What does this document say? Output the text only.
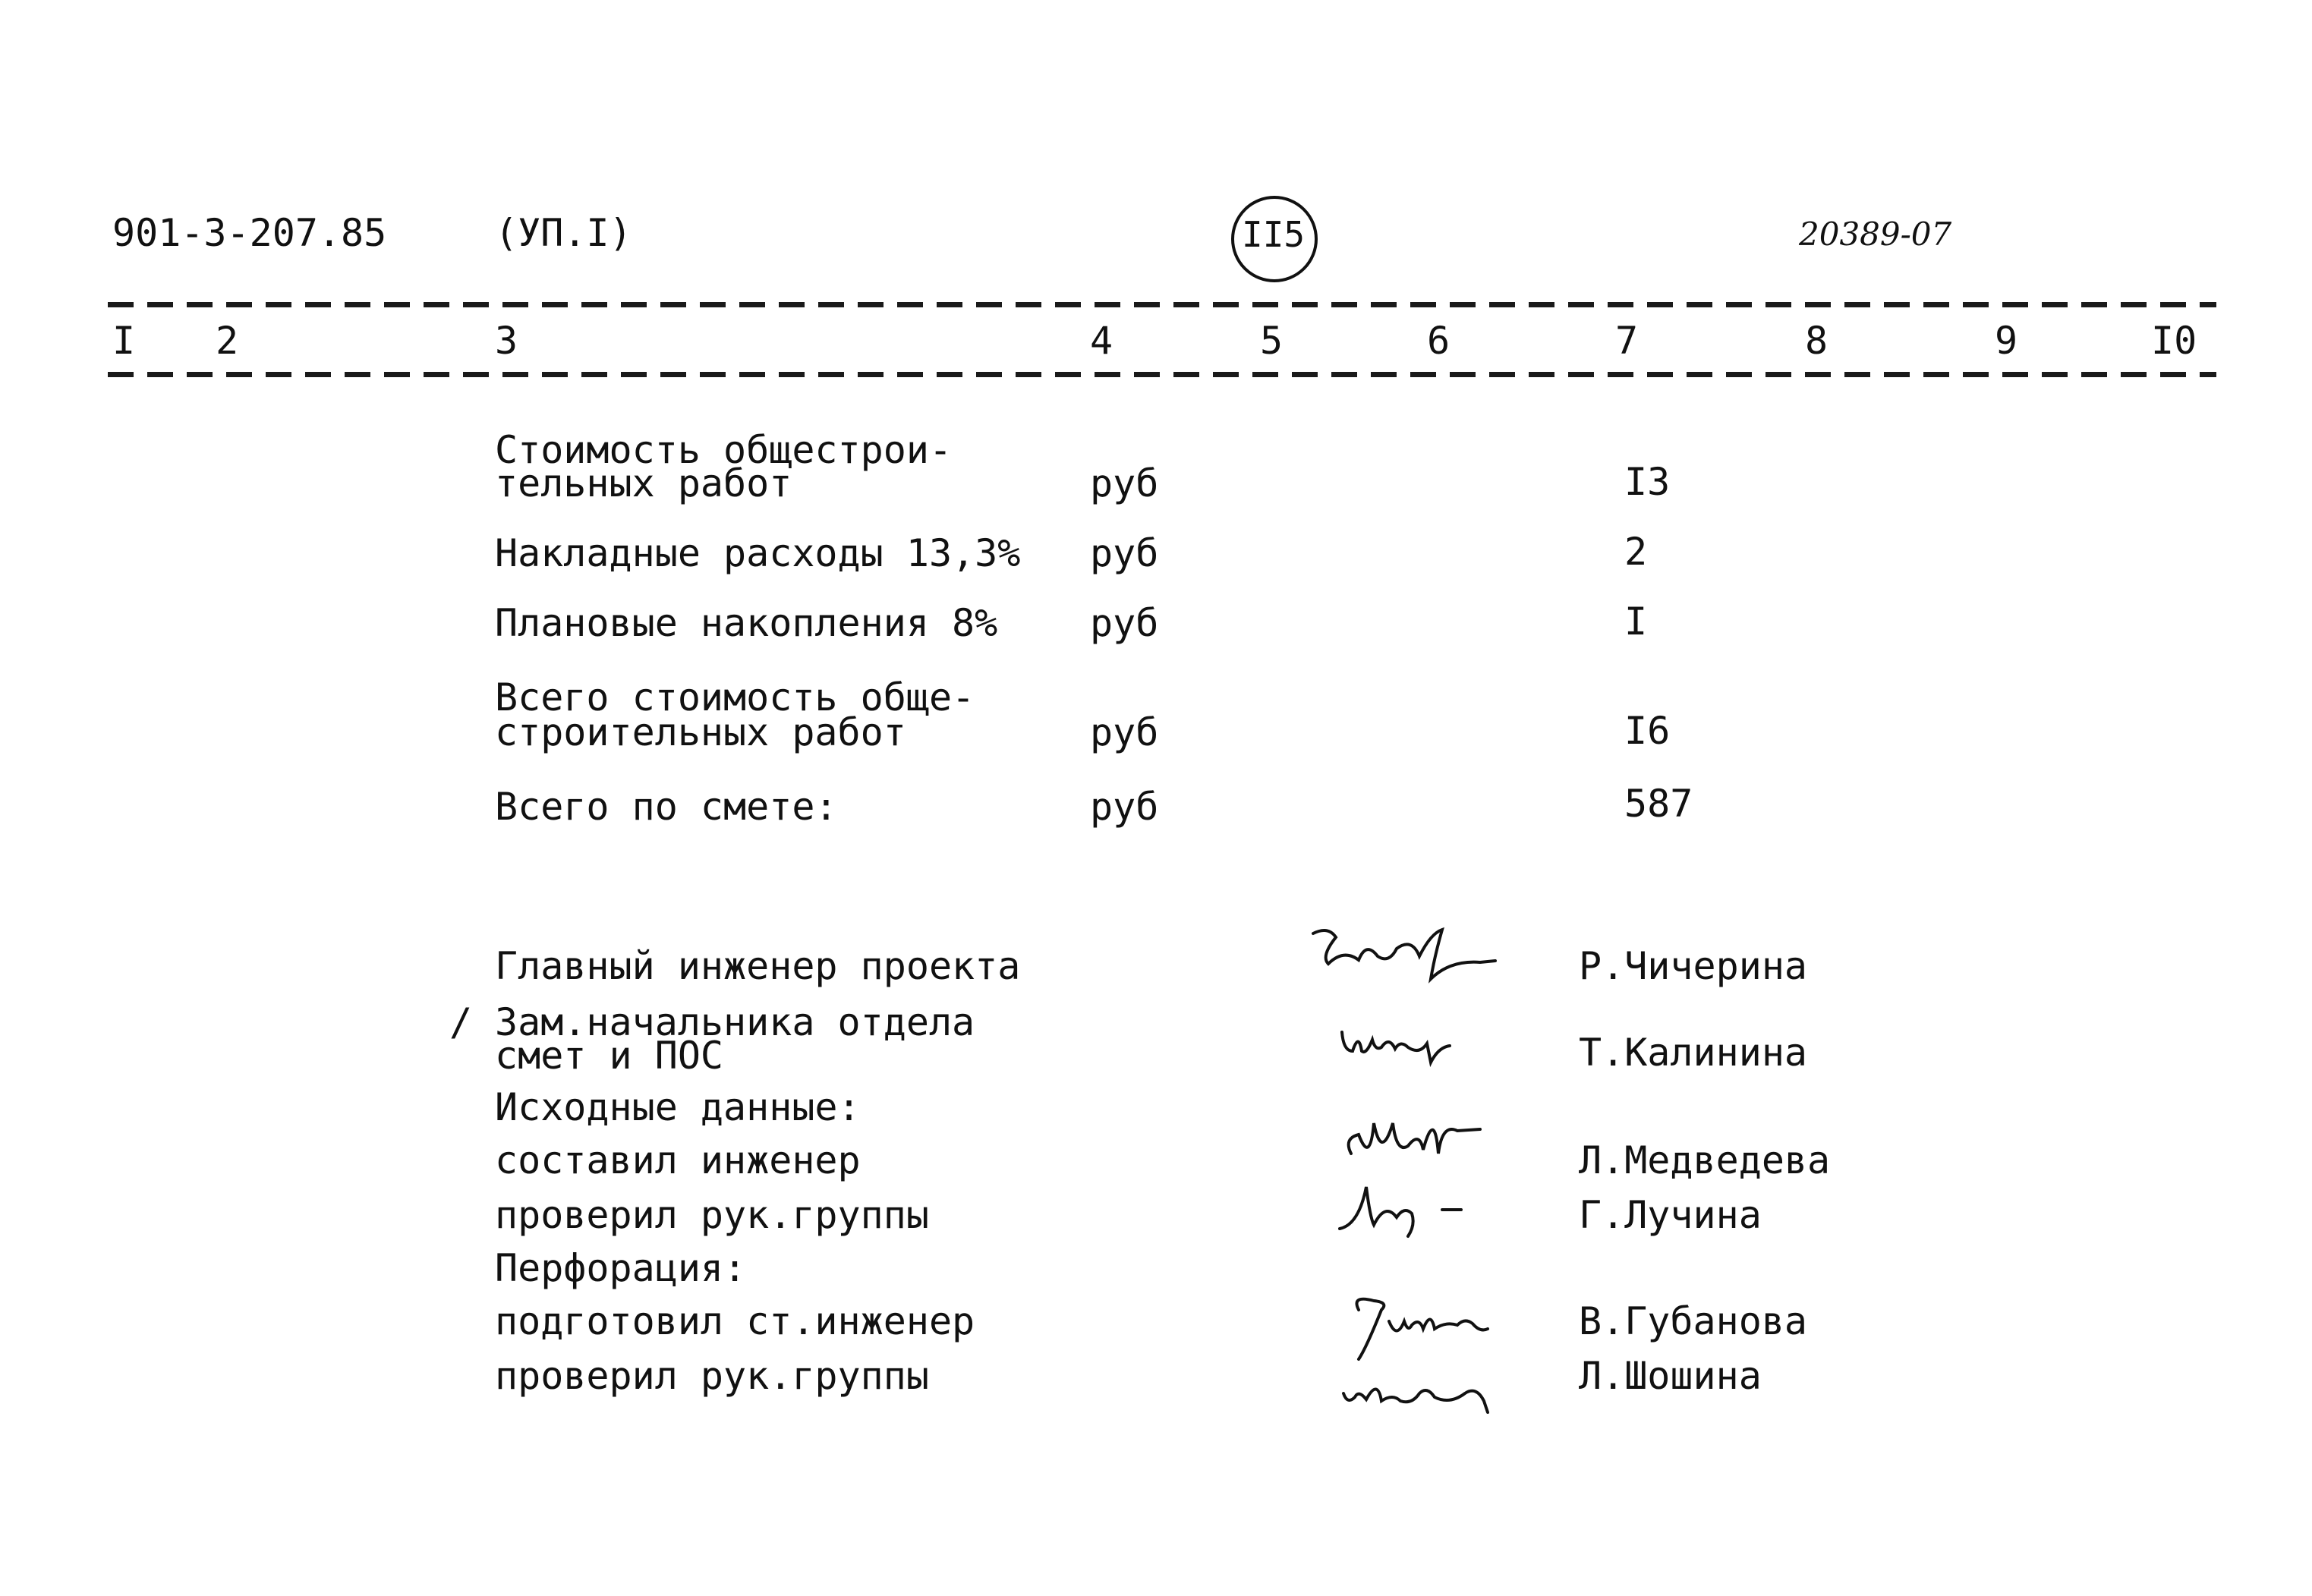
901-3-207.85	(УП.I)	II5	20389-07
I 2	3	4	5	6	7	8	9	I0
Стоимость общестрои-
тельных работ	руб	I3
Накладные расходы 13,3% руб	2
Плановые накопления 8% руб	I
Всего стоимость обще-
строительных работ	руб	I6
Всего по смете:	руб	587
Главный инженер проекта	Р.Чичерина
/ Зам.начальника отдела
смет и ПОС	Т.Калинина
Исходные данные:
составил инженер	Л.Медведева
проверил рук.группы	Г.Лучина
Перфорация:
подготовил ст.инженер	В.Губанова
проверил рук.группы	Л.Шошина
